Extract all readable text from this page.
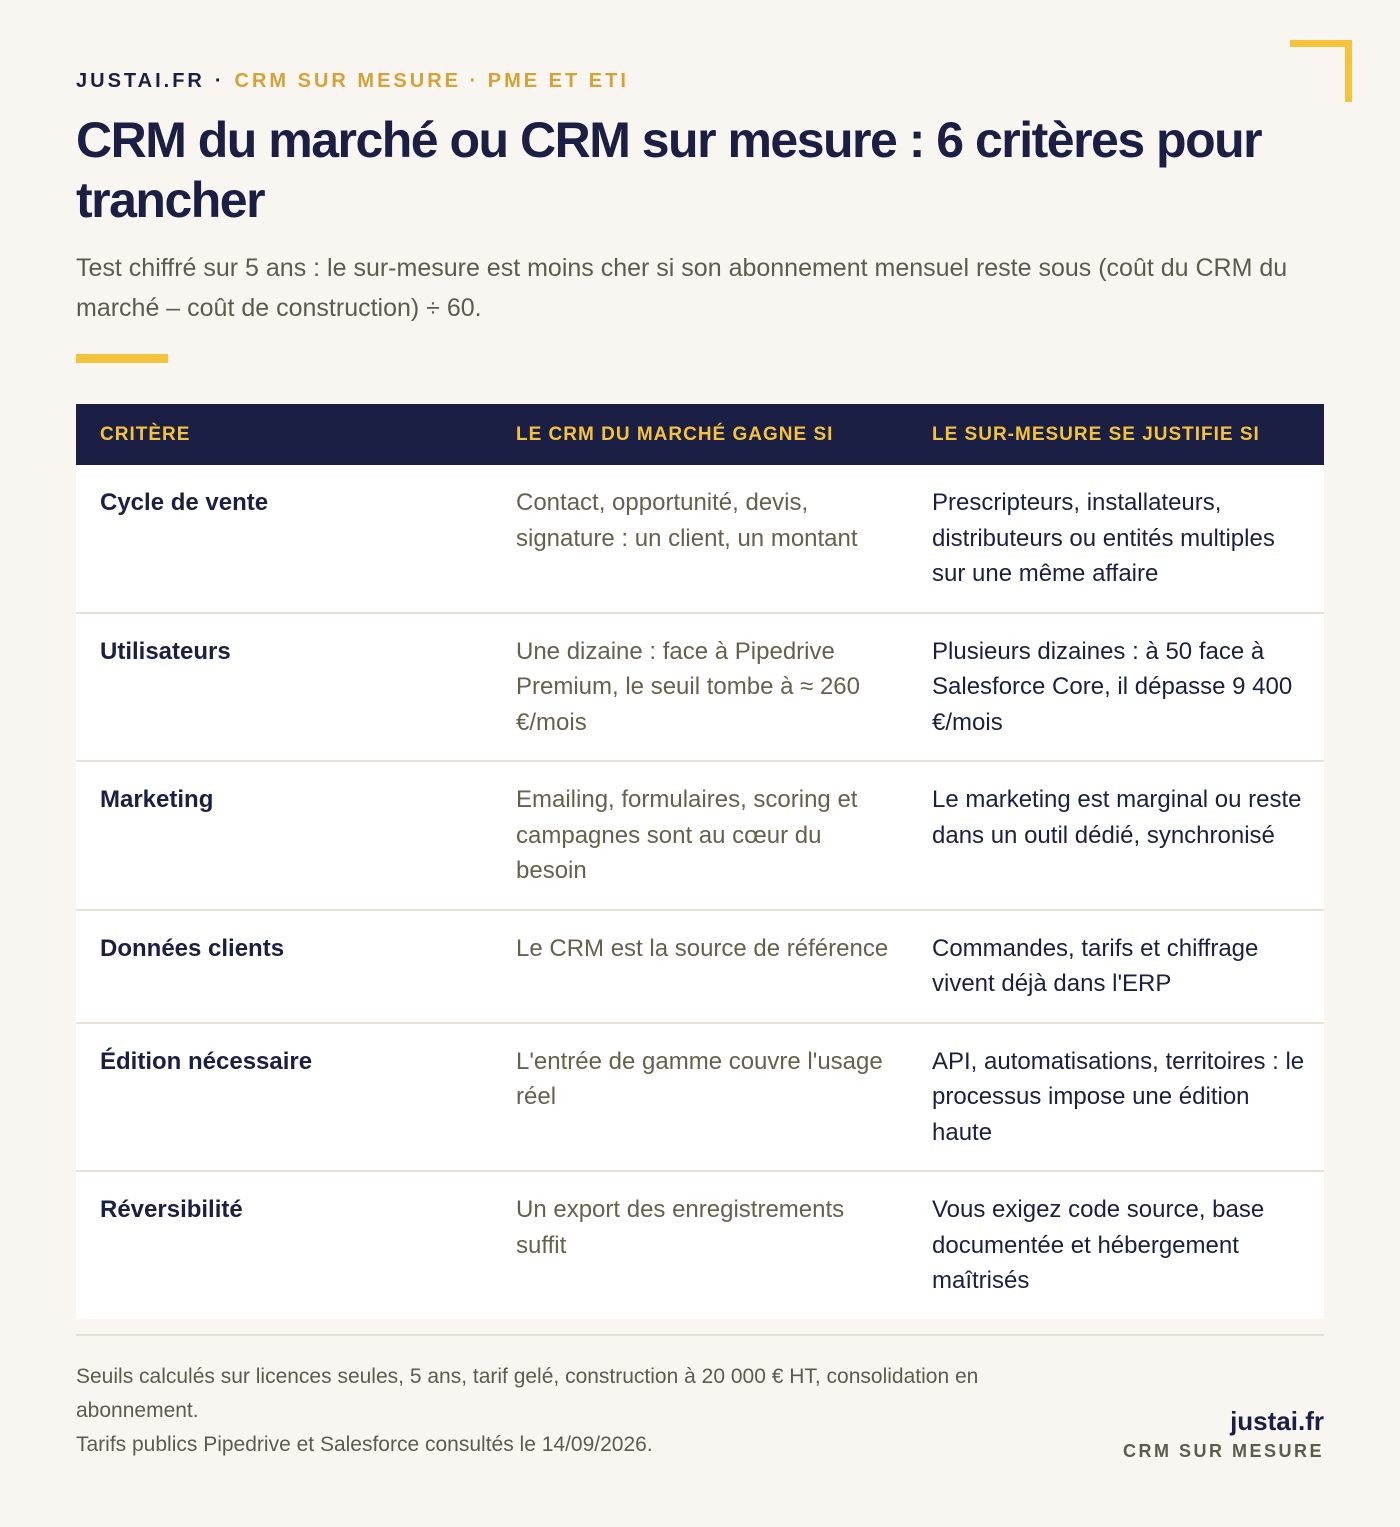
JUSTAI.FR · CRM SUR MESURE · PME ET ETI
CRM du marché ou CRM sur mesure : 6 critères pour trancher

Test chiffré sur 5 ans : le sur-mesure est moins cher si son abonnement mensuel reste sous (coût du CRM du marché – coût de construction) ÷ 60.

CRITÈRE	LE CRM DU MARCHÉ GAGNE SI	LE SUR-MESURE SE JUSTIFIE SI
Cycle de vente	Contact, opportunité, devis, signature : un client, un montant	Prescripteurs, installateurs, distributeurs ou entités multiples sur une même affaire
Utilisateurs	Une dizaine : face à Pipedrive Premium, le seuil tombe à ≈ 260 €/mois	Plusieurs dizaines : à 50 face à Salesforce Core, il dépasse 9 400 €/mois
Marketing	Emailing, formulaires, scoring et campagnes sont au cœur du besoin	Le marketing est marginal ou reste dans un outil dédié, synchronisé
Données clients	Le CRM est la source de référence	Commandes, tarifs et chiffrage vivent déjà dans l'ERP
Édition nécessaire	L'entrée de gamme couvre l'usage réel	API, automatisations, territoires : le processus impose une édition haute
Réversibilité	Un export des enregistrements suffit	Vous exigez code source, base documentée et hébergement maîtrisés

Seuils calculés sur licences seules, 5 ans, tarif gelé, construction à 20 000 € HT, consolidation en abonnement.

Tarifs publics Pipedrive et Salesforce consultés le 14/09/2026.

justai.fr
CRM SUR MESURE
